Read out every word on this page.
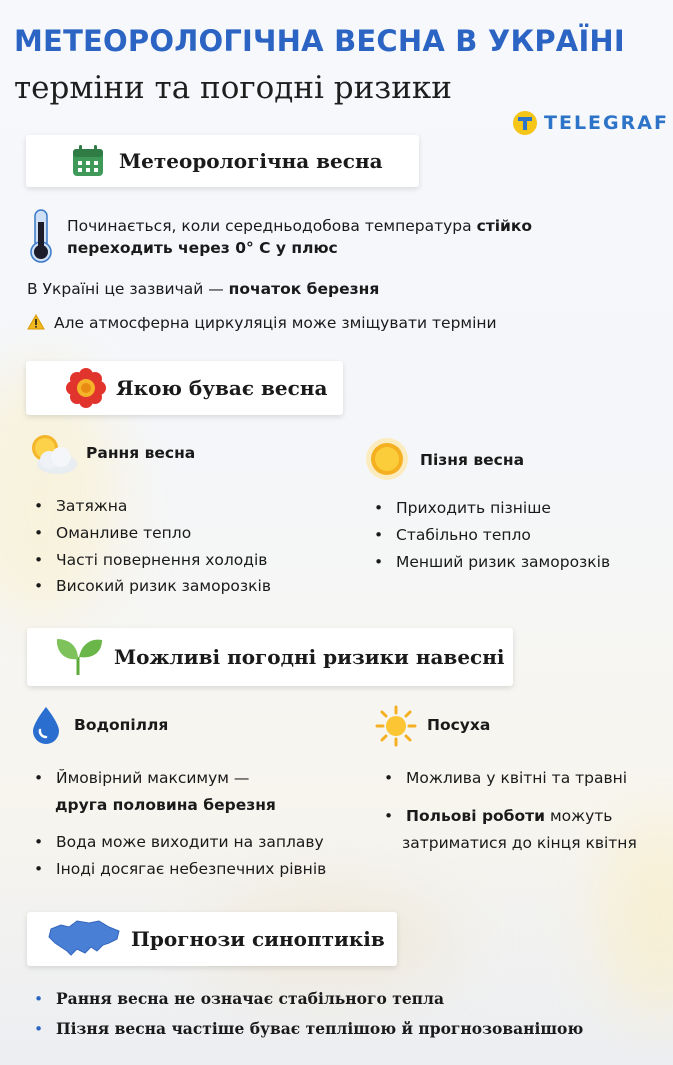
МЕТЕОРОЛОГІЧНА ВЕСНА В УКРАЇНІ
терміни та погодні ризики
TELEGRAF
Метеорологічна весна
Починається, коли середньодобова температура стійко
переходить через 0° С у плюс
В Україні це зазвичай — початок березня
Але атмосферна циркуляція може зміщувати терміни
Якою буває весна
Рання весна	Пізня весна
• Затяжна
• Оманливе тепло
• Часті повернення холодів
• Високий ризик заморозків
• Приходить пізніше
• Стабільно тепло
• Менший ризик заморозків
Можливі погодні ризики навесні
Водопілля	Посуха
• Ймовірний максимум —
друга половина березня
• Вода може виходити на заплаву
• Іноді досягає небезпечних рівнів
• Можлива у квітні та травні
• Польові роботи можуть
затриматися до кінця квітня
Прогнози синоптиків
• Рання весна не означає стабільного тепла
• Пізня весна частіше буває теплішою й прогнозованішою
